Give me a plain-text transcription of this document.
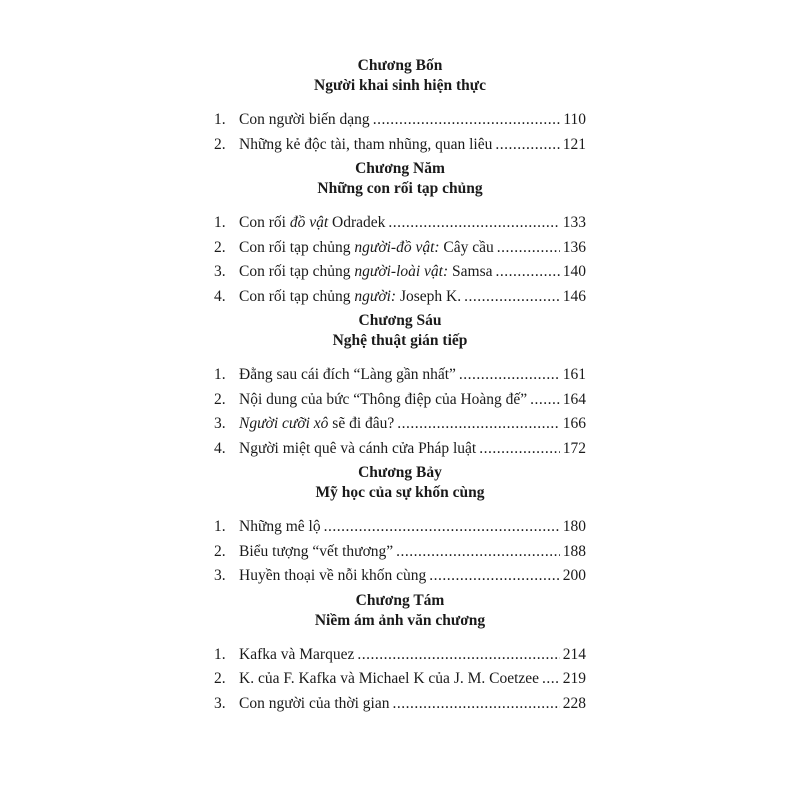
Chương Bốn
Người khai sinh hiện thực
1. Con người biến dạng .....	110
2. Những kẻ độc tài, tham nhũng, quan liêu .....	121
Chương Năm
Những con rối tạp chủng
1. Con rối đồ vật Odradek .....	133
2. Con rối tạp chủng người-đồ vật: Cây cầu .....	136
3. Con rối tạp chủng người-loài vật: Samsa .....	140
4. Con rối tạp chủng người: Joseph K. .....	146
Chương Sáu
Nghệ thuật gián tiếp
1. Đằng sau cái đích “Làng gần nhất” .....	161
2. Nội dung của bức “Thông điệp của Hoàng đế” ..... 164
3. Người cưỡi xô sẽ đi đâu? .....	166
4. Người miệt quê và cánh cửa Pháp luật .....	172
Chương Bảy
Mỹ học của sự khốn cùng
1. Những mê lộ .....	180
2. Biểu tượng “vết thương” .....	188
3. Huyền thoại về nỗi khốn cùng .....	200
Chương Tám
Niềm ám ảnh văn chương
1. Kafka và Marquez .....	214
2. K. của F. Kafka và Michael K của J. M. Coetzee ..... 219
3. Con người của thời gian .....	228
